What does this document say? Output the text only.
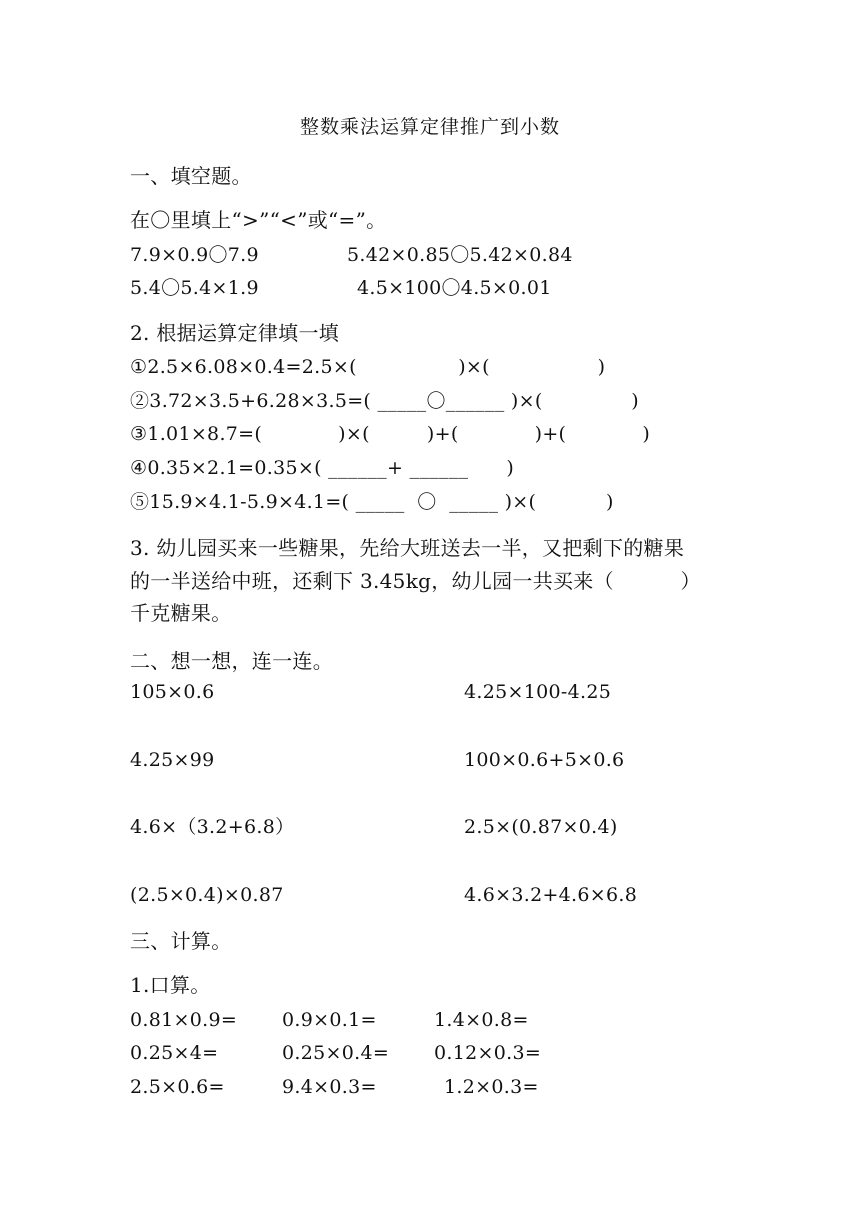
整数乘法运算定律推广到小数
一、填空题。
在〇里填上“>”“<”或“=”。
7.9×0.9〇7.9	5.42×0.85〇5.42×0.84
5.4〇5.4×1.9	4.5×100〇4.5×0.01
2. 根据运算定律填一填
①2.5×6.08×0.4=2.5×(                )×(                 )
②3.72×3.5+6.28×3.5=( _____〇______ )×(              )
③1.01×8.7=(            )×(         )+(            )+(            )
④0.35×2.1=0.35×( ______+ ______      )
⑤15.9×4.1-5.9×4.1=( _____  〇  _____ )×(           )
3. 幼儿园买来一些糖果，先给大班送去一半，又把剩下的糖果
的一半送给中班，还剩下 3.45kg，幼儿园一共买来（          ）
千克糖果。
二、想一想，连一连。
105×0.6	4.25×100-4.25
4.25×99	100×0.6+5×0.6
4.6×（3.2+6.8）	2.5×(0.87×0.4)
(2.5×0.4)×0.87	4.6×3.2+4.6×6.8
三、计算。
1.口算。
0.81×0.9= 0.9×0.1=	1.4×0.8=
0.25×4=	0.25×0.4= 0.12×0.3=
2.5×0.6=	9.4×0.3=	1.2×0.3=
